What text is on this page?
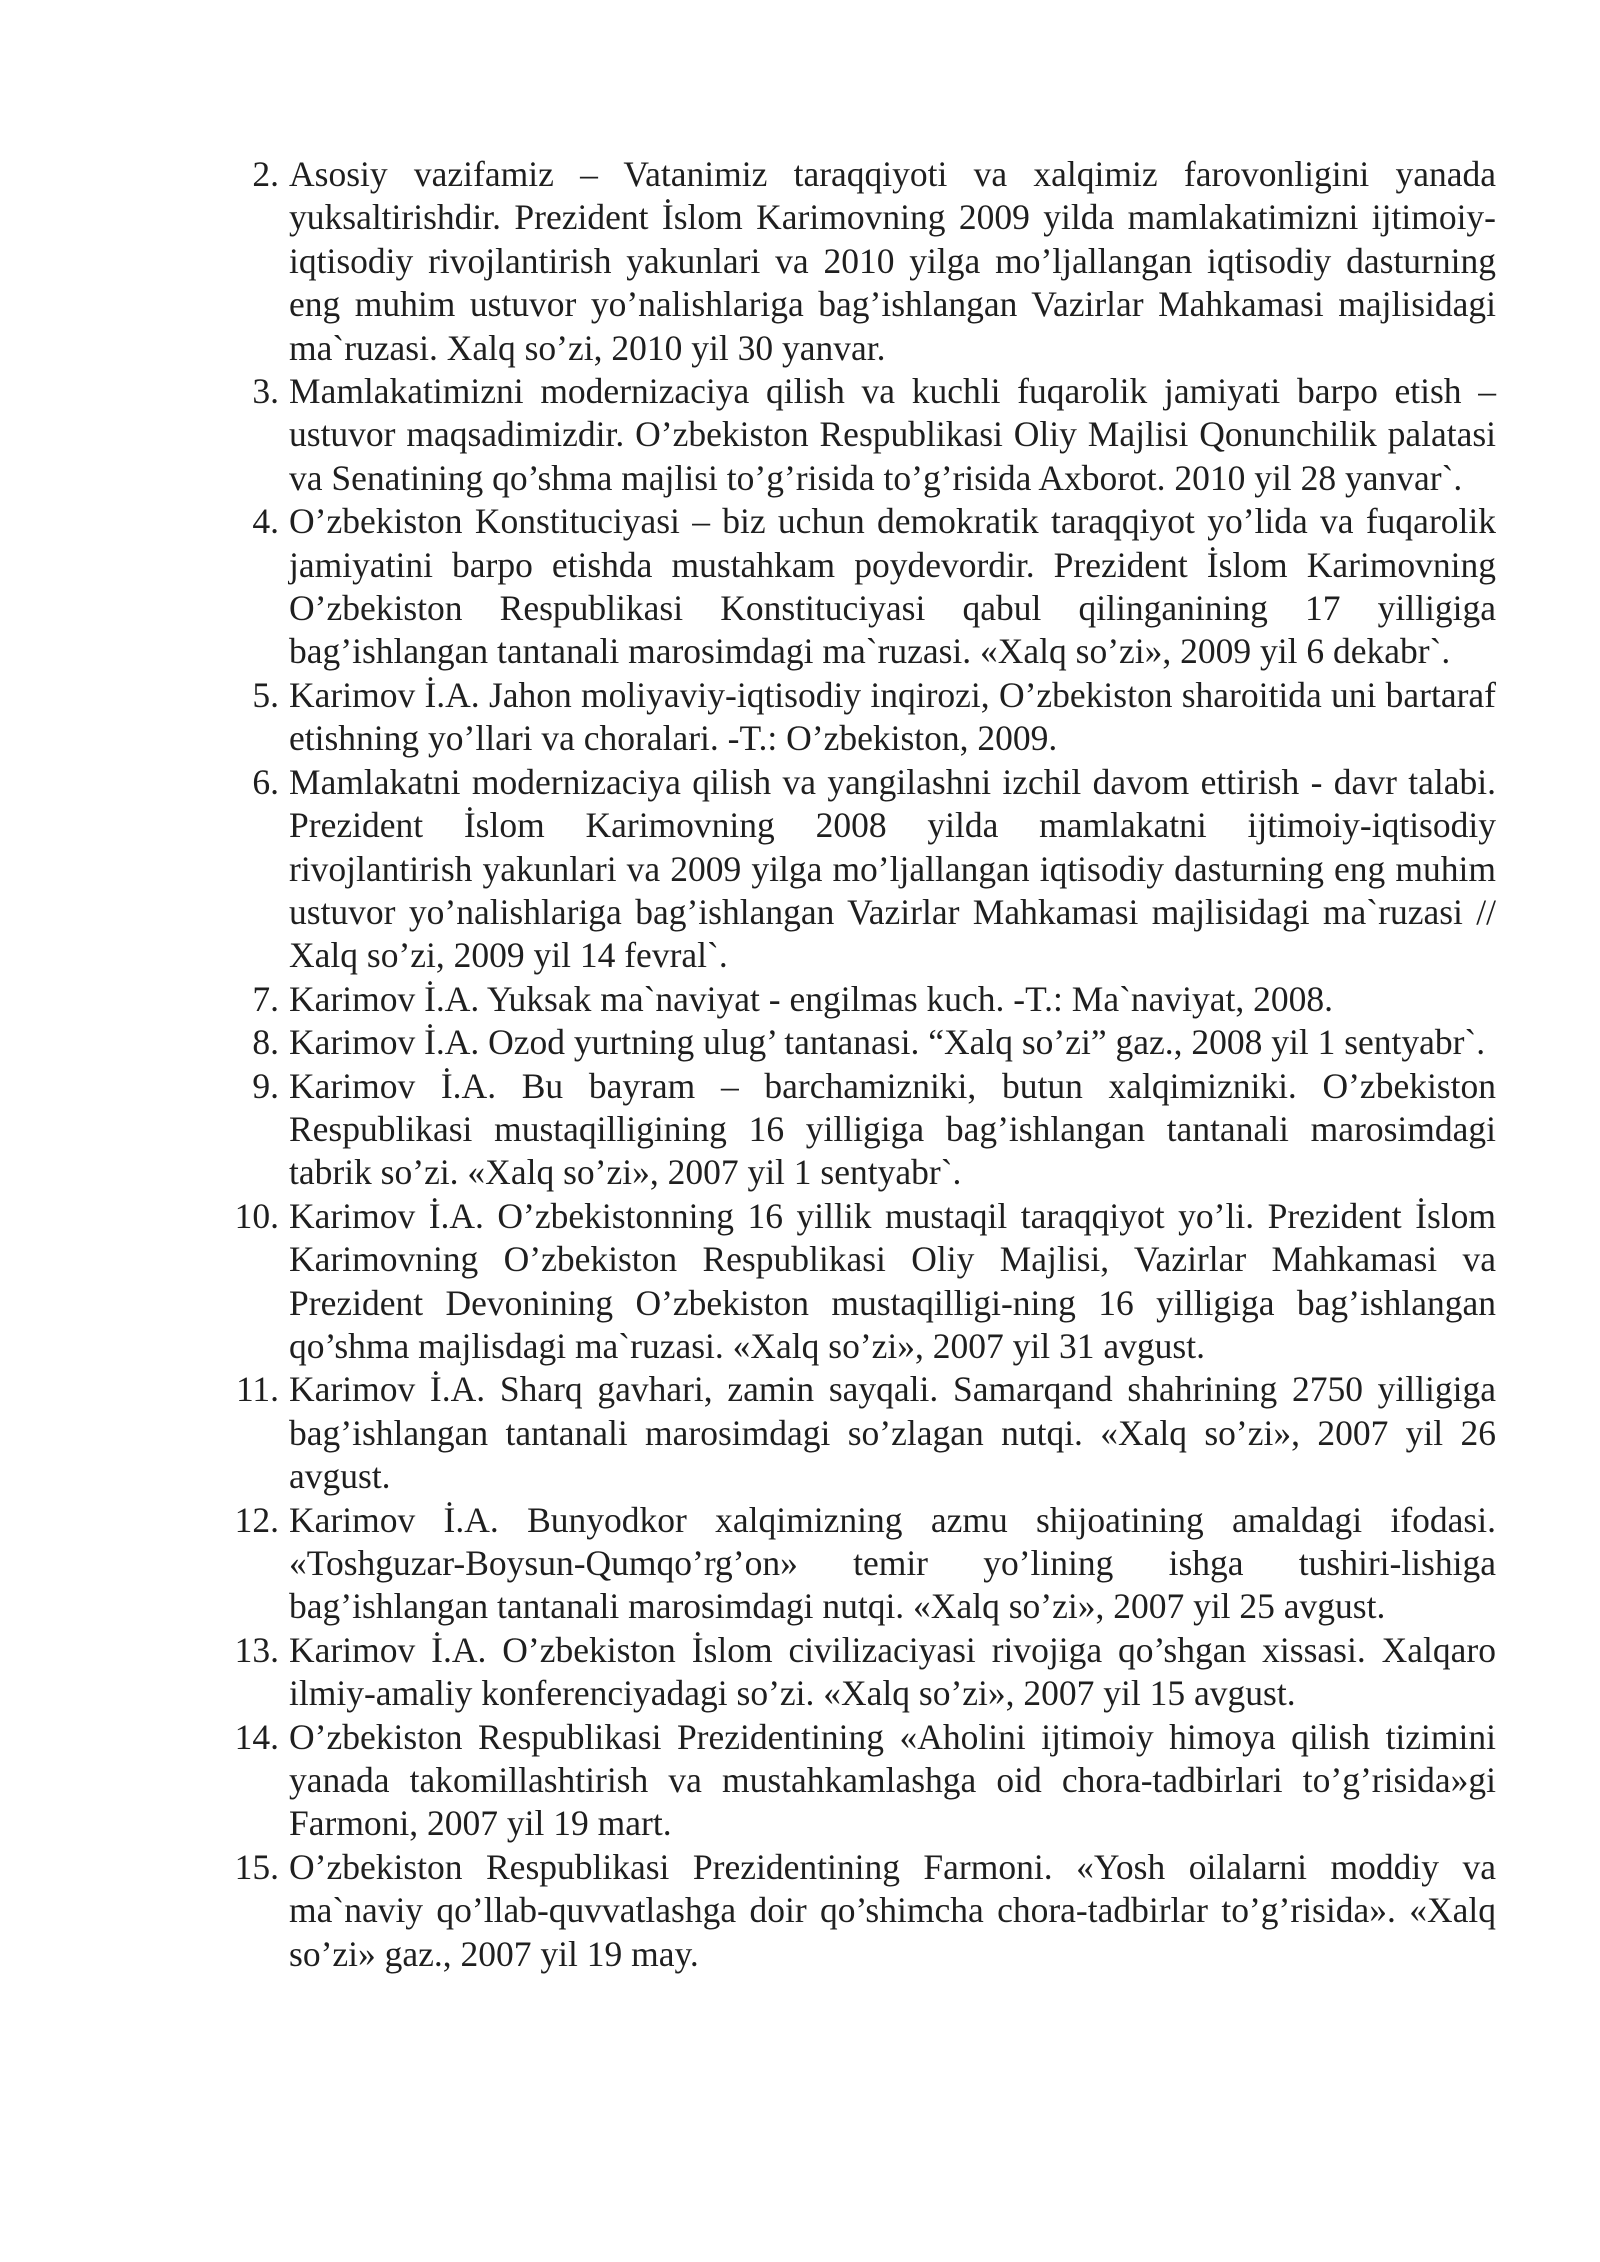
2. Asosiy vazifamiz – Vatanimiz taraqqiyoti va xalqimiz farovonligini yanada yuksaltirishdir. Prezident İslom Karimovning 2009 yilda mamlakatimizni ijtimoiy-iqtisodiy rivojlantirish yakunlari va 2010 yilga mo’ljallangan iqtisodiy dasturning eng muhim ustuvor yo’nalishlariga bag’ishlangan Vazirlar Mahkamasi majlisidagi ma`ruzasi. Xalq so’zi, 2010 yil 30 yanvar.
3. Mamlakatimizni modernizaciya qilish va kuchli fuqarolik jamiyati barpo etish – ustuvor maqsadimizdir. O’zbekiston Respublikasi Oliy Majlisi Qonunchilik palatasi va Senatining qo’shma majlisi to’g’risida to’g’risida Axborot. 2010 yil 28 yanvar`.
4. O’zbekiston Konstituciyasi – biz uchun demokratik taraqqiyot yo’lida va fuqarolik jamiyatini barpo etishda mustahkam poydevordir. Prezident İslom Karimovning O’zbekiston Respublikasi Konstituciyasi qabul qilinganining 17 yilligiga bag’ishlangan tantanali marosimdagi ma`ruzasi. «Xalq so’zi», 2009 yil 6 dekabr`.
5. Karimov İ.A. Jahon moliyaviy-iqtisodiy inqirozi, O’zbekiston sharoitida uni bartaraf etishning yo’llari va choralari. -T.: O’zbekiston, 2009.
6. Mamlakatni modernizaciya qilish va yangilashni izchil davom ettirish - davr talabi. Prezident İslom Karimovning 2008 yilda mamlakatni ijtimoiy-iqtisodiy rivojlantirish yakunlari va 2009 yilga mo’ljallangan iqtisodiy dasturning eng muhim ustuvor yo’nalishlariga bag’ishlangan Vazirlar Mahkamasi majlisidagi ma`ruzasi // Xalq so’zi, 2009 yil 14 fevral`.
7. Karimov İ.A. Yuksak ma`naviyat - engilmas kuch. -T.: Ma`naviyat, 2008.
8. Karimov İ.A. Ozod yurtning ulug’ tantanasi. “Xalq so’zi” gaz., 2008 yil 1 sentyabr`.
9. Karimov İ.A. Bu bayram – barchamizniki, butun xalqimizniki. O’zbekiston Respublikasi mustaqilligining 16 yilligiga bag’ishlangan tantanali marosimdagi tabrik so’zi. «Xalq so’zi», 2007 yil 1 sentyabr`.
10. Karimov İ.A. O’zbekistonning 16 yillik mustaqil taraqqiyot yo’li. Prezident İslom Karimovning O’zbekiston Respublikasi Oliy Majlisi, Vazirlar Mahkamasi va Prezident Devonining O’zbekiston mustaqilligi-ning 16 yilligiga bag’ishlangan qo’shma majlisdagi ma`ruzasi. «Xalq so’zi», 2007 yil 31 avgust.
11. Karimov İ.A. Sharq gavhari, zamin sayqali. Samarqand shahrining 2750 yilligiga bag’ishlangan tantanali marosimdagi so’zlagan nutqi. «Xalq so’zi», 2007 yil 26 avgust.
12. Karimov İ.A. Bunyodkor xalqimizning azmu shijoatining amaldagi ifodasi. «Toshguzar-Boysun-Qumqo’rg’on» temir yo’lining ishga tushiri-lishiga bag’ishlangan tantanali marosimdagi nutqi. «Xalq so’zi», 2007 yil 25 avgust.
13. Karimov İ.A. O’zbekiston İslom civilizaciyasi rivojiga qo’shgan xissasi. Xalqaro ilmiy-amaliy konferenciyadagi so’zi. «Xalq so’zi», 2007 yil 15 avgust.
14. O’zbekiston Respublikasi Prezidentining «Aholini ijtimoiy himoya qilish tizimini yanada takomillashtirish va mustahkamlashga oid chora-tadbirlari to’g’risida»gi Farmoni, 2007 yil 19 mart.
15. O’zbekiston Respublikasi Prezidentining Farmoni. «Yosh oilalarni moddiy va ma`naviy qo’llab-quvvatlashga doir qo’shimcha chora-tadbirlar to’g’risida». «Xalq so’zi» gaz., 2007 yil 19 may.
